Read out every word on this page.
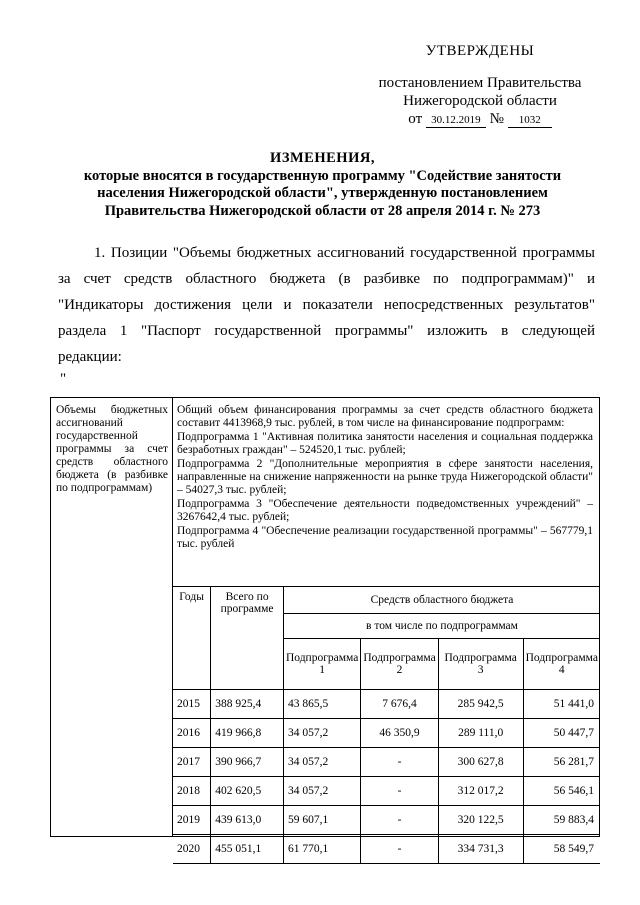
УТВЕРЖДЕНЫ
постановлением Правительства
Нижегородской области
от 30.12.2019 № 1032
ИЗМЕНЕНИЯ,
которые вносятся в государственную программу "Содействие занятости
населения Нижегородской области", утвержденную постановлением
Правительства Нижегородской области от 28 апреля 2014 г. № 273
1. Позиции "Объемы бюджетных ассигнований государственной программы
за счет средств областного бюджета (в разбивке по подпрограммам)" и
"Индикаторы достижения цели и показатели непосредственных результатов"
раздела 1 "Паспорт государственной программы" изложить в следующей
редакции:
"
Объемы бюджетных ассигнований государственной программы за счет средств областного бюджета (в разбивке по подпрограммам)

Общий объем финансирования программы за счет средств областного бюджета составит 4413968,9 тыс. рублей, в том числе на финансирование подпрограмм:

Подпрограмма 1 "Активная политика занятости населения и социальная поддержка безработных граждан" – 524520,1 тыс. рублей;

Подпрограмма 2 "Дополнительные мероприятия в сфере занятости населения, направленные на снижение напряженности на рынке труда Нижегородской области" – 54027,3 тыс. рублей;

Подпрограмма 3 "Обеспечение деятельности подведомственных учреждений" – 3267642,4 тыс. рублей;

Подпрограмма 4 "Обеспечение реализации государственной программы" – 567779,1 тыс. рублей

Годы	Всего по программе	Средств областного бюджета			
		в том числе по подпрограммам			
		Подпрограмма 1	Подпрограмма 2	Подпрограмма 3	Подпрограмма 4
2015	388 925,4	43 865,5	7 676,4	285 942,5	51 441,0
2016	419 966,8	34 057,2	46 350,9	289 111,0	50 447,7
2017	390 966,7	34 057,2	-	300 627,8	56 281,7
2018	402 620,5	34 057,2	-	312 017,2	56 546,1
2019	439 613,0	59 607,1	-	320 122,5	59 883,4
2020	455 051,1	61 770,1	-	334 731,3	58 549,7
